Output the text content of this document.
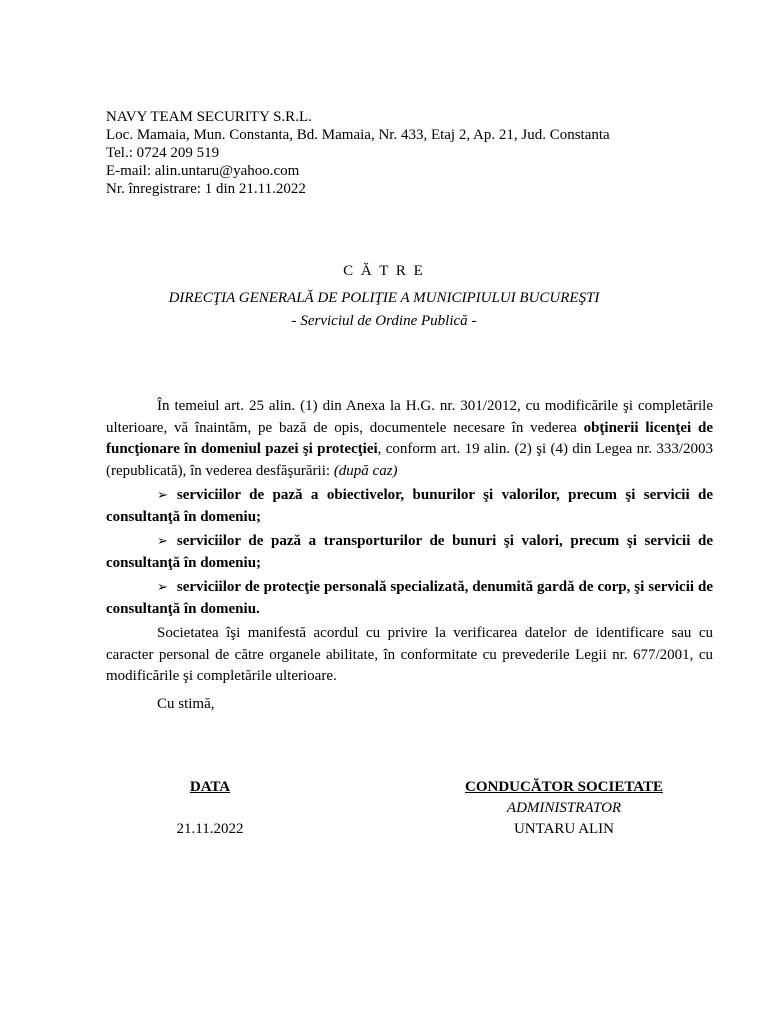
NAVY TEAM SECURITY S.R.L.
Loc. Mamaia, Mun. Constanta, Bd. Mamaia, Nr. 433, Etaj 2, Ap. 21, Jud. Constanta
Tel.: 0724 209 519
E-mail: alin.untaru@yahoo.com
Nr. înregistrare: 1 din 21.11.2022
C Ă T R E
DIRECŢIA GENERALĂ DE POLIŢIE A MUNICIPIULUI BUCUREŞTI
- Serviciul de Ordine Publică -

În temeiul art. 25 alin. (1) din Anexa la H.G. nr. 301/2012, cu modificările şi completările ulterioare, vă înaintăm, pe bază de opis, documentele necesare în vederea obţinerii licenţei de funcţionare în domeniul pazei şi protecţiei, conform art. 19 alin. (2) şi (4) din Legea nr. 333/2003 (republicată), în vederea desfăşurării: (după caz)

➢ serviciilor de pază a obiectivelor, bunurilor şi valorilor, precum şi servicii de consultanţă în domeniu;
➢ serviciilor de pază a transporturilor de bunuri şi valori, precum şi servicii de consultanţă în domeniu;
➢ serviciilor de protecţie personală specializată, denumită gardă de corp, şi servicii de consultanţă în domeniu.

Societatea îşi manifestă acordul cu privire la verificarea datelor de identificare sau cu caracter personal de către organele abilitate, în conformitate cu prevederile Legii nr. 677/2001, cu modificările şi completările ulterioare.

Cu stimă,
DATA
21.11.2022
CONDUCĂTOR SOCIETATE
ADMINISTRATOR
UNTARU ALIN
